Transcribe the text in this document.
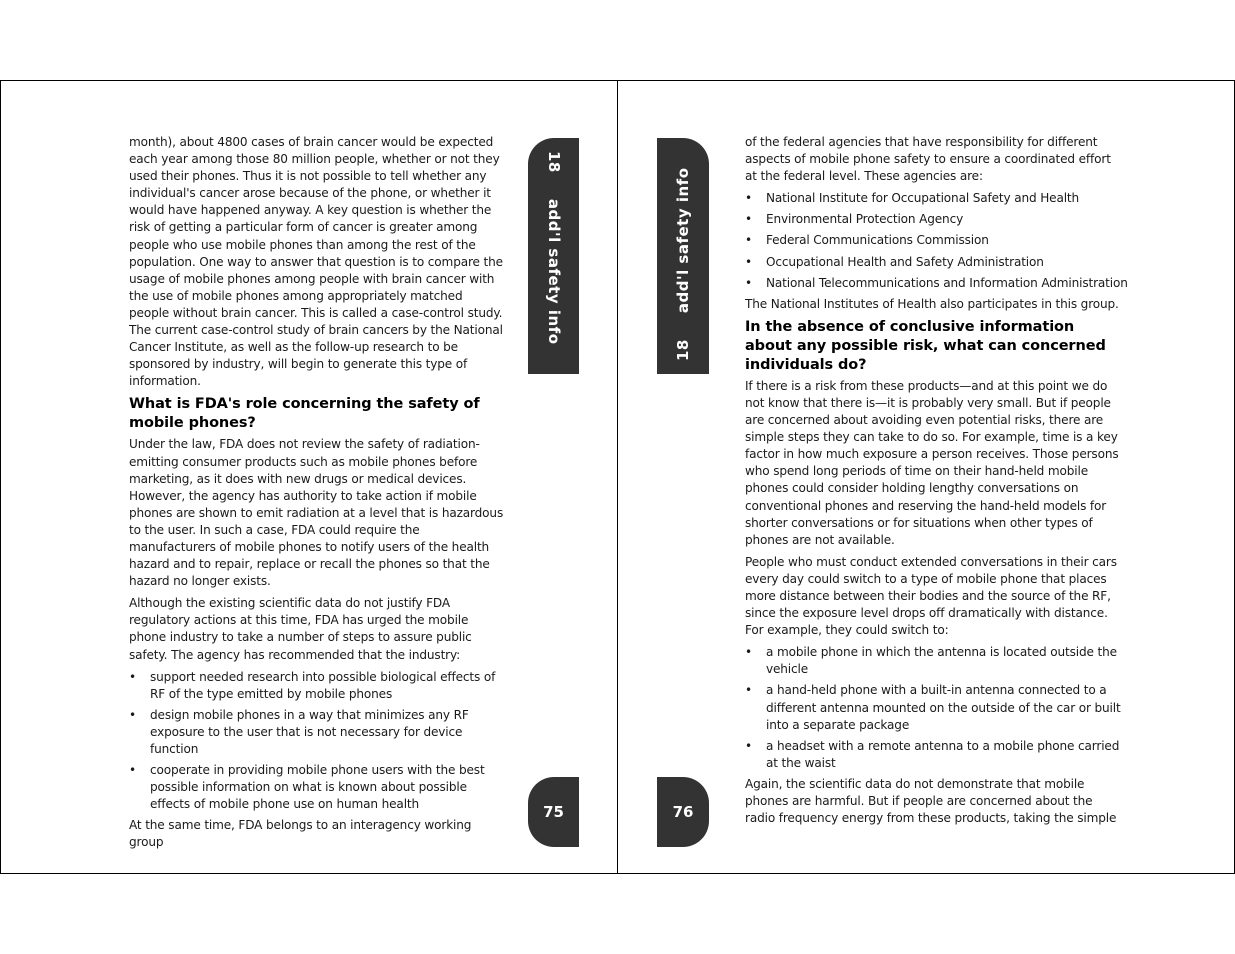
month), about 4800 cases of brain cancer would be expected each year among those 80 million people, whether or not they used their phones. Thus it is not possible to tell whether any individual's cancer arose because of the phone, or whether it would have happened anyway. A key question is whether the risk of getting a particular form of cancer is greater among people who use mobile phones than among the rest of the population. One way to answer that question is to compare the usage of mobile phones among people with brain cancer with the use of mobile phones among appropriately matched people without brain cancer. This is called a case-control study. The current case-control study of brain cancers by the National Cancer Institute, as well as the follow-up research to be sponsored by industry, will begin to generate this type of information.

What is FDA's role concerning the safety of mobile phones?

Under the law, FDA does not review the safety of radiation-emitting consumer products such as mobile phones before marketing, as it does with new drugs or medical devices. However, the agency has authority to take action if mobile phones are shown to emit radiation at a level that is hazardous to the user. In such a case, FDA could require the manufacturers of mobile phones to notify users of the health hazard and to repair, replace or recall the phones so that the hazard no longer exists.

Although the existing scientific data do not justify FDA regulatory actions at this time, FDA has urged the mobile phone industry to take a number of steps to assure public safety. The agency has recommended that the industry:

• support needed research into possible biological effects of RF of the type emitted by mobile phones
• design mobile phones in a way that minimizes any RF exposure to the user that is not necessary for device function
• cooperate in providing mobile phone users with the best possible information on what is known about possible effects of mobile phone use on human health

At the same time, FDA belongs to an interagency working group

18add'l safety info
75
18add'l safety info
76

of the federal agencies that have responsibility for different aspects of mobile phone safety to ensure a coordinated effort at the federal level. These agencies are:

• National Institute for Occupational Safety and Health
• Environmental Protection Agency
• Federal Communications Commission
• Occupational Health and Safety Administration
• National Telecommunications and Information Administration

The National Institutes of Health also participates in this group.

In the absence of conclusive information about any possible risk, what can concerned individuals do?

If there is a risk from these products—and at this point we do not know that there is—it is probably very small. But if people are concerned about avoiding even potential risks, there are simple steps they can take to do so. For example, time is a key factor in how much exposure a person receives. Those persons who spend long periods of time on their hand-held mobile phones could consider holding lengthy conversations on conventional phones and reserving the hand-held models for shorter conversations or for situations when other types of phones are not available.

People who must conduct extended conversations in their cars every day could switch to a type of mobile phone that places more distance between their bodies and the source of the RF, since the exposure level drops off dramatically with distance. For example, they could switch to:

• a mobile phone in which the antenna is located outside the vehicle
• a hand-held phone with a built-in antenna connected to a different antenna mounted on the outside of the car or built into a separate package
• a headset with a remote antenna to a mobile phone carried at the waist

Again, the scientific data do not demonstrate that mobile phones are harmful. But if people are concerned about the radio frequency energy from these products, taking the simple
